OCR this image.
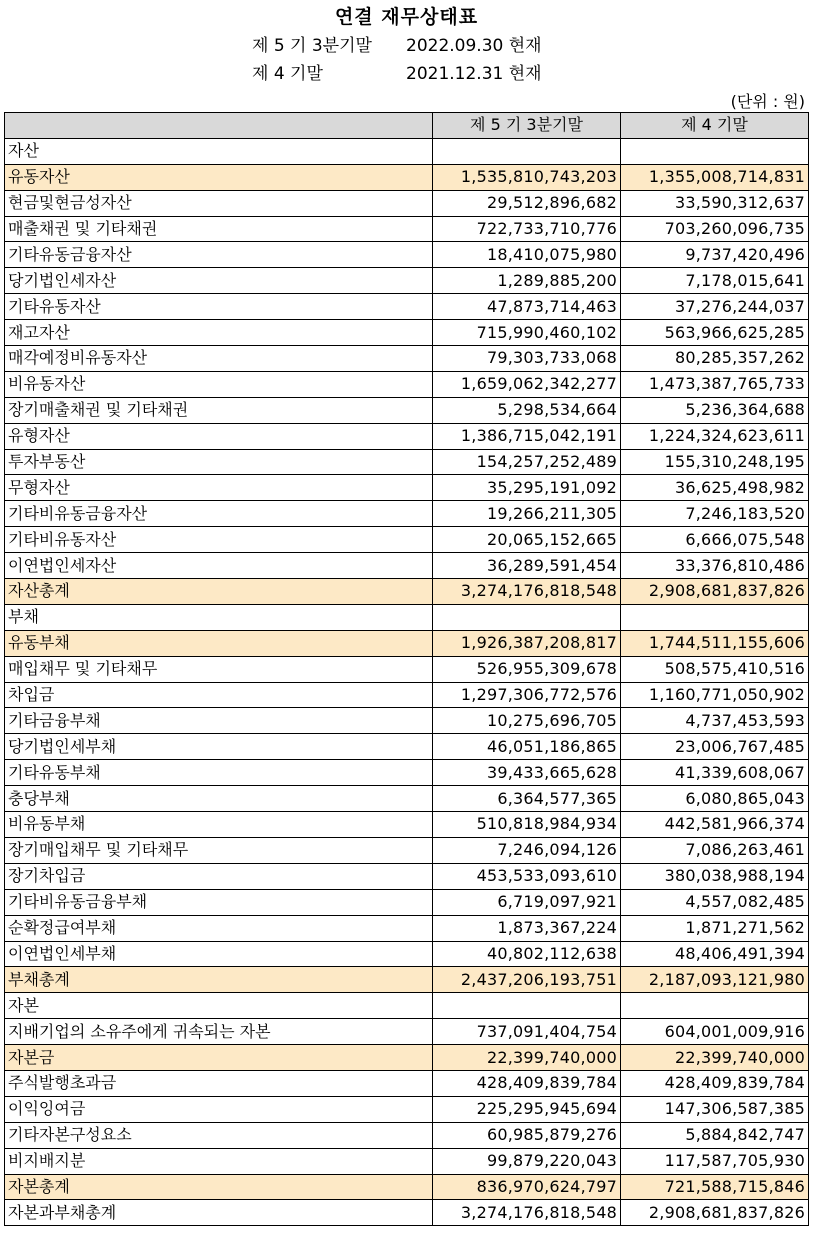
연결 재무상태표
제 5 기 3분기말 2022.09.30 현재
제 4 기말	2021.12.31 현재
(단위 : 원)
	제 5 기 3분기말	제 4 기말
자산		
유동자산	1,535,810,743,203	1,355,008,714,831
현금및현금성자산	29,512,896,682	33,590,312,637
매출채권 및 기타채권	722,733,710,776	703,260,096,735
기타유동금융자산	18,410,075,980	9,737,420,496
당기법인세자산	1,289,885,200	7,178,015,641
기타유동자산	47,873,714,463	37,276,244,037
재고자산	715,990,460,102	563,966,625,285
매각예정비유동자산	79,303,733,068	80,285,357,262
비유동자산	1,659,062,342,277	1,473,387,765,733
장기매출채권 및 기타채권	5,298,534,664	5,236,364,688
유형자산	1,386,715,042,191	1,224,324,623,611
투자부동산	154,257,252,489	155,310,248,195
무형자산	35,295,191,092	36,625,498,982
기타비유동금융자산	19,266,211,305	7,246,183,520
기타비유동자산	20,065,152,665	6,666,075,548
이연법인세자산	36,289,591,454	33,376,810,486
자산총계	3,274,176,818,548	2,908,681,837,826
부채		
유동부채	1,926,387,208,817	1,744,511,155,606
매입채무 및 기타채무	526,955,309,678	508,575,410,516
차입금	1,297,306,772,576	1,160,771,050,902
기타금융부채	10,275,696,705	4,737,453,593
당기법인세부채	46,051,186,865	23,006,767,485
기타유동부채	39,433,665,628	41,339,608,067
충당부채	6,364,577,365	6,080,865,043
비유동부채	510,818,984,934	442,581,966,374
장기매입채무 및 기타채무	7,246,094,126	7,086,263,461
장기차입금	453,533,093,610	380,038,988,194
기타비유동금융부채	6,719,097,921	4,557,082,485
순확정급여부채	1,873,367,224	1,871,271,562
이연법인세부채	40,802,112,638	48,406,491,394
부채총계	2,437,206,193,751	2,187,093,121,980
자본		
지배기업의 소유주에게 귀속되는 자본	737,091,404,754	604,001,009,916
자본금	22,399,740,000	22,399,740,000
주식발행초과금	428,409,839,784	428,409,839,784
이익잉여금	225,295,945,694	147,306,587,385
기타자본구성요소	60,985,879,276	5,884,842,747
비지배지분	99,879,220,043	117,587,705,930
자본총계	836,970,624,797	721,588,715,846
자본과부채총계	3,274,176,818,548	2,908,681,837,826
